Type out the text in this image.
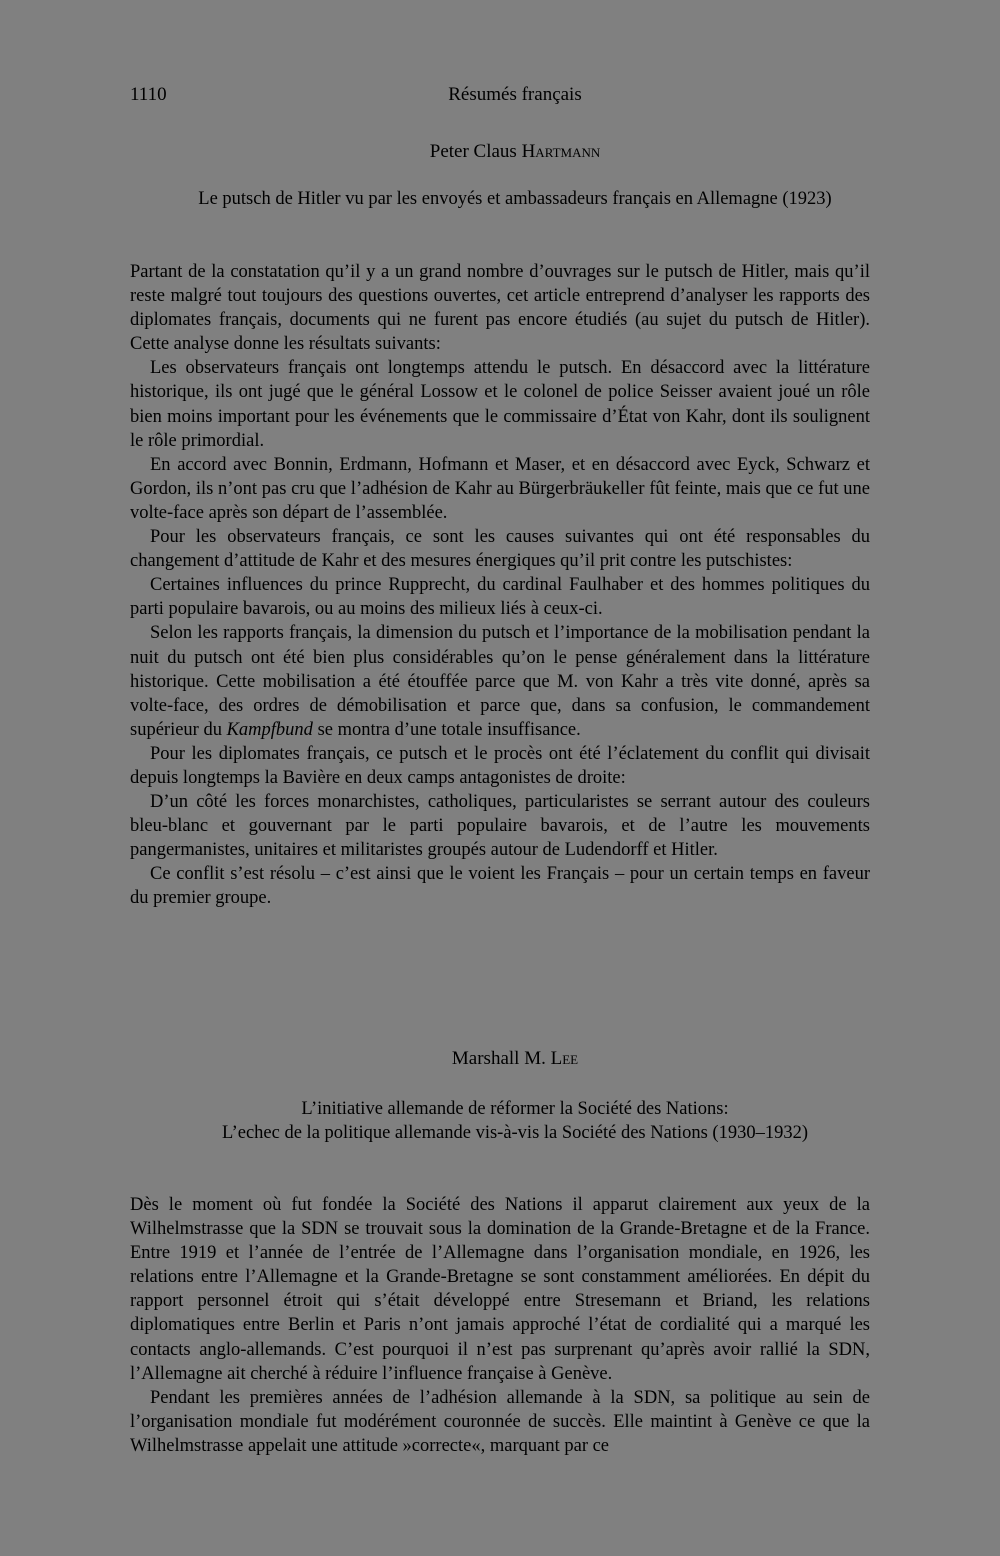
1110	Résumés français
Peter Claus Hartmann
Le putsch de Hitler vu par les envoyés et ambassadeurs français en Allemagne (1923)

Partant de la constatation qu’il y a un grand nombre d’ouvrages sur le putsch de Hitler, mais qu’il reste malgré tout toujours des questions ouvertes, cet article entreprend d’analyser les rapports des diplomates français, documents qui ne furent pas encore étudiés (au sujet du putsch de Hitler). Cette analyse donne les résultats suivants:

Les observateurs français ont longtemps attendu le putsch. En désaccord avec la littérature historique, ils ont jugé que le général Lossow et le colonel de police Seisser avaient joué un rôle bien moins important pour les événements que le commissaire d’État von Kahr, dont ils soulignent le rôle primordial.

En accord avec Bonnin, Erdmann, Hofmann et Maser, et en désaccord avec Eyck, Schwarz et Gordon, ils n’ont pas cru que l’adhésion de Kahr au Bürgerbräukeller fût feinte, mais que ce fut une volte-face après son départ de l’assemblée.

Pour les observateurs français, ce sont les causes suivantes qui ont été responsables du changement d’attitude de Kahr et des mesures énergiques qu’il prit contre les putschistes:

Certaines influences du prince Rupprecht, du cardinal Faulhaber et des hommes politiques du parti populaire bavarois, ou au moins des milieux liés à ceux-ci.

Selon les rapports français, la dimension du putsch et l’importance de la mobilisation pendant la nuit du putsch ont été bien plus considérables qu’on le pense généralement dans la littérature historique. Cette mobilisation a été étouffée parce que M. von Kahr a très vite donné, après sa volte-face, des ordres de démobilisation et parce que, dans sa confusion, le commandement supérieur du Kampfbund se montra d’une totale insuffisance.

Pour les diplomates français, ce putsch et le procès ont été l’éclatement du conflit qui divisait depuis longtemps la Bavière en deux camps antagonistes de droite:

D’un côté les forces monarchistes, catholiques, particularistes se serrant autour des couleurs bleu-blanc et gouvernant par le parti populaire bavarois, et de l’autre les mouvements pangermanistes, unitaires et militaristes groupés autour de Ludendorff et Hitler.

Ce conflit s’est résolu – c’est ainsi que le voient les Français – pour un certain temps en faveur du premier groupe.

Marshall M. Lee
L’initiative allemande de réformer la Société des Nations:
L’echec de la politique allemande vis-à-vis la Société des Nations (1930–1932)

Dès le moment où fut fondée la Société des Nations il apparut clairement aux yeux de la Wilhelmstrasse que la SDN se trouvait sous la domination de la Grande-Bretagne et de la France. Entre 1919 et l’année de l’entrée de l’Allemagne dans l’organisation mondiale, en 1926, les relations entre l’Allemagne et la Grande-Bretagne se sont constamment améliorées. En dépit du rapport personnel étroit qui s’était développé entre Stresemann et Briand, les relations diplomatiques entre Berlin et Paris n’ont jamais approché l’état de cordialité qui a marqué les contacts anglo-allemands. C’est pourquoi il n’est pas surprenant qu’après avoir rallié la SDN, l’Allemagne ait cherché à réduire l’influence française à Genève.

Pendant les premières années de l’adhésion allemande à la SDN, sa politique au sein de l’organisation mondiale fut modérément couronnée de succès. Elle maintint à Genève ce que la Wilhelmstrasse appelait une attitude »correcte«, marquant par ce
